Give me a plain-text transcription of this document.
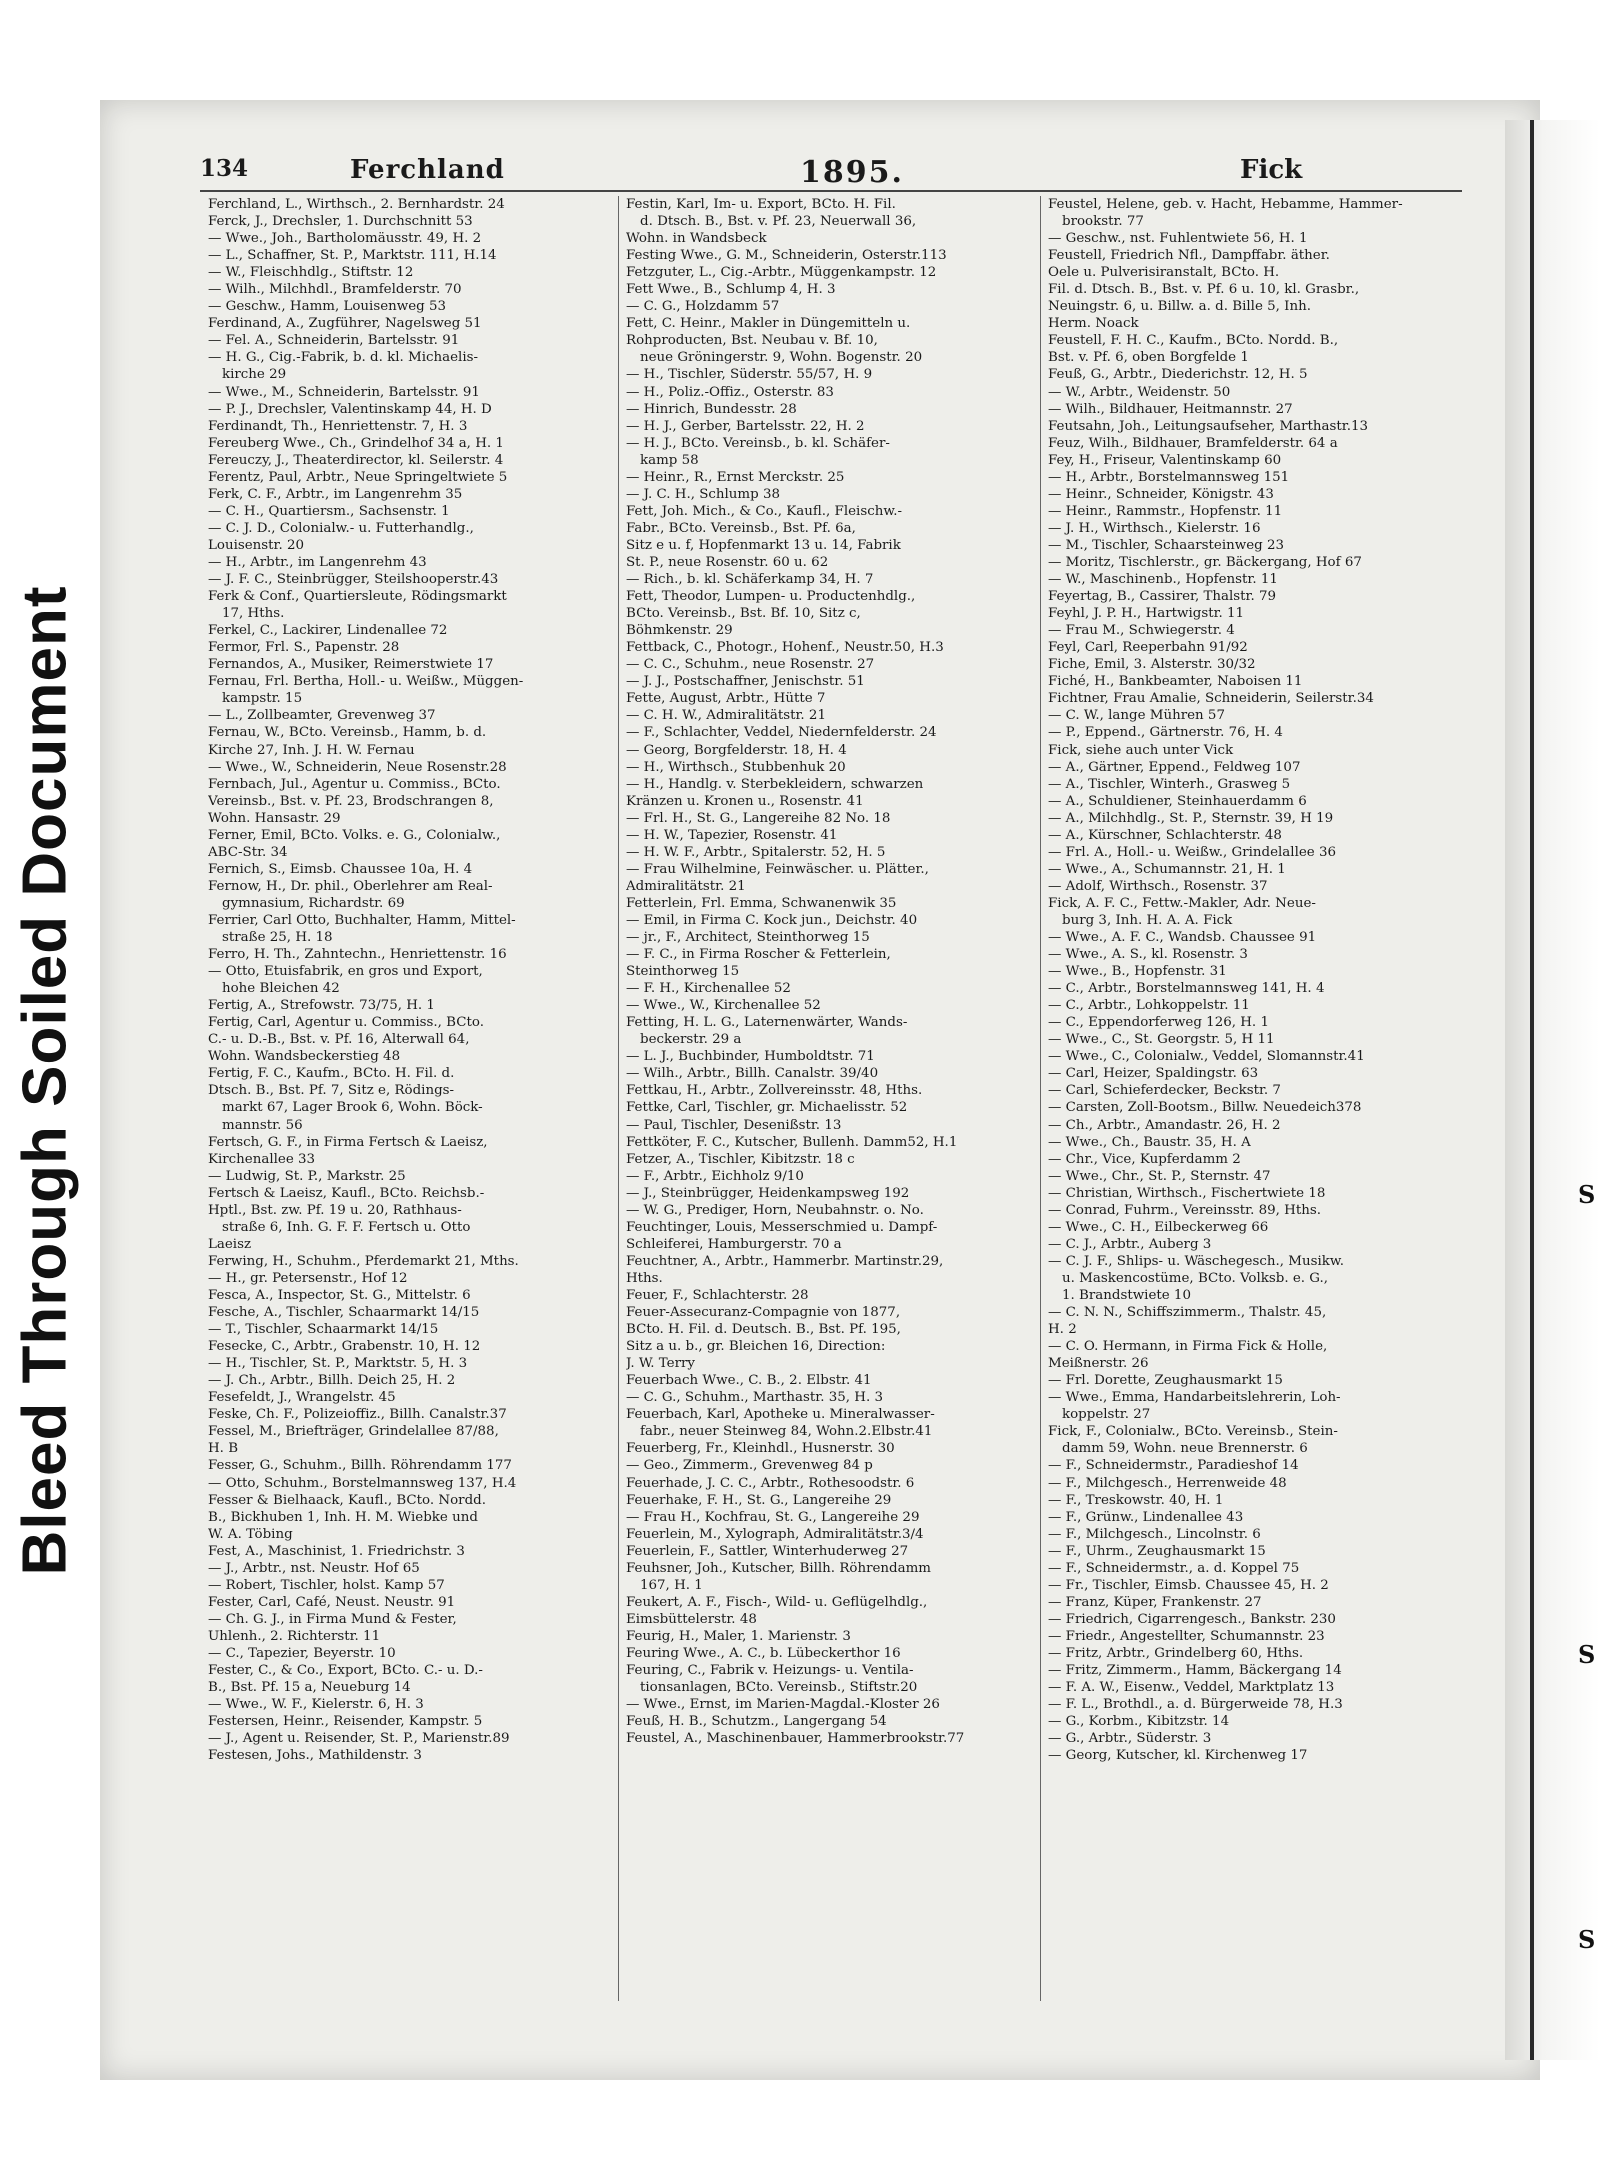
Bleed Through Soiled Document	S
S
S
134	Ferchland	1895.	Fick
Ferchland, L., Wirthsch., 2. Bernhardstr. 24
Ferck, J., Drechsler, 1. Durchschnitt 53
— Wwe., Joh., Bartholomäusstr. 49, H. 2
— L., Schaffner, St. P., Marktstr. 111, H.14
— W., Fleischhdlg., Stiftstr. 12
— Wilh., Milchhdl., Bramfelderstr. 70
— Geschw., Hamm, Louisenweg 53
Ferdinand, A., Zugführer, Nagelsweg 51
— Fel. A., Schneiderin, Bartelsstr. 91
— H. G., Cig.-Fabrik, b. d. kl. Michaelis-
kirche 29
— Wwe., M., Schneiderin, Bartelsstr. 91
— P. J., Drechsler, Valentinskamp 44, H. D
Ferdinandt, Th., Henriettenstr. 7, H. 3
Fereuberg Wwe., Ch., Grindelhof 34 a, H. 1
Fereuczy, J., Theaterdirector, kl. Seilerstr. 4
Ferentz, Paul, Arbtr., Neue Springeltwiete 5
Ferk, C. F., Arbtr., im Langenrehm 35
— C. H., Quartiersm., Sachsenstr. 1
— C. J. D., Colonialw.- u. Futterhandlg.,
Louisenstr. 20
— H., Arbtr., im Langenrehm 43
— J. F. C., Steinbrügger, Steilshooperstr.43
Ferk & Conf., Quartiersleute, Rödingsmarkt
17, Hths.
Ferkel, C., Lackirer, Lindenallee 72
Fermor, Frl. S., Papenstr. 28
Fernandos, A., Musiker, Reimerstwiete 17
Fernau, Frl. Bertha, Holl.- u. Weißw., Müggen-
kampstr. 15
— L., Zollbeamter, Grevenweg 37
Fernau, W., BCto. Vereinsb., Hamm, b. d.
Kirche 27, Inh. J. H. W. Fernau
— Wwe., W., Schneiderin, Neue Rosenstr.28
Fernbach, Jul., Agentur u. Commiss., BCto.
Vereinsb., Bst. v. Pf. 23, Brodschrangen 8,
Wohn. Hansastr. 29
Ferner, Emil, BCto. Volks. e. G., Colonialw.,
ABC-Str. 34
Fernich, S., Eimsb. Chaussee 10a, H. 4
Fernow, H., Dr. phil., Oberlehrer am Real-
gymnasium, Richardstr. 69
Ferrier, Carl Otto, Buchhalter, Hamm, Mittel-
straße 25, H. 18
Ferro, H. Th., Zahntechn., Henriettenstr. 16
— Otto, Etuisfabrik, en gros und Export,
hohe Bleichen 42
Fertig, A., Strefowstr. 73/75, H. 1
Fertig, Carl, Agentur u. Commiss., BCto.
C.- u. D.-B., Bst. v. Pf. 16, Alterwall 64,
Wohn. Wandsbeckerstieg 48
Fertig, F. C., Kaufm., BCto. H. Fil. d.
Dtsch. B., Bst. Pf. 7, Sitz e, Rödings-
markt 67, Lager Brook 6, Wohn. Böck-
mannstr. 56
Fertsch, G. F., in Firma Fertsch & Laeisz,
Kirchenallee 33
— Ludwig, St. P., Markstr. 25
Fertsch & Laeisz, Kaufl., BCto. Reichsb.-
Hptl., Bst. zw. Pf. 19 u. 20, Rathhaus-
straße 6, Inh. G. F. F. Fertsch u. Otto
Laeisz
Ferwing, H., Schuhm., Pferdemarkt 21, Mths.
— H., gr. Petersenstr., Hof 12
Fesca, A., Inspector, St. G., Mittelstr. 6
Fesche, A., Tischler, Schaarmarkt 14/15
— T., Tischler, Schaarmarkt 14/15
Fesecke, C., Arbtr., Grabenstr. 10, H. 12
— H., Tischler, St. P., Marktstr. 5, H. 3
— J. Ch., Arbtr., Billh. Deich 25, H. 2
Fesefeldt, J., Wrangelstr. 45
Feske, Ch. F., Polizeioffiz., Billh. Canalstr.37
Fessel, M., Briefträger, Grindelallee 87/88,
H. B
Fesser, G., Schuhm., Billh. Röhrendamm 177
— Otto, Schuhm., Borstelmannsweg 137, H.4
Fesser & Bielhaack, Kaufl., BCto. Nordd.
B., Bickhuben 1, Inh. H. M. Wiebke und
W. A. Töbing
Fest, A., Maschinist, 1. Friedrichstr. 3
— J., Arbtr., nst. Neustr. Hof 65
— Robert, Tischler, holst. Kamp 57
Fester, Carl, Café, Neust. Neustr. 91
— Ch. G. J., in Firma Mund & Fester,
Uhlenh., 2. Richterstr. 11
— C., Tapezier, Beyerstr. 10
Fester, C., & Co., Export, BCto. C.- u. D.-
B., Bst. Pf. 15 a, Neueburg 14
— Wwe., W. F., Kielerstr. 6, H. 3
Festersen, Heinr., Reisender, Kampstr. 5
— J., Agent u. Reisender, St. P., Marienstr.89
Festesen, Johs., Mathildenstr. 3
Festin, Karl, Im- u. Export, BCto. H. Fil.
d. Dtsch. B., Bst. v. Pf. 23, Neuerwall 36,
Wohn. in Wandsbeck
Festing Wwe., G. M., Schneiderin, Osterstr.113
Fetzguter, L., Cig.-Arbtr., Müggenkampstr. 12
Fett Wwe., B., Schlump 4, H. 3
— C. G., Holzdamm 57
Fett, C. Heinr., Makler in Düngemitteln u.
Rohproducten, Bst. Neubau v. Bf. 10,
neue Gröningerstr. 9, Wohn. Bogenstr. 20
— H., Tischler, Süderstr. 55/57, H. 9
— H., Poliz.-Offiz., Osterstr. 83
— Hinrich, Bundesstr. 28
— H. J., Gerber, Bartelsstr. 22, H. 2
— H. J., BCto. Vereinsb., b. kl. Schäfer-
kamp 58
— Heinr., R., Ernst Merckstr. 25
— J. C. H., Schlump 38
Fett, Joh. Mich., & Co., Kaufl., Fleischw.-
Fabr., BCto. Vereinsb., Bst. Pf. 6a,
Sitz e u. f, Hopfenmarkt 13 u. 14, Fabrik
St. P., neue Rosenstr. 60 u. 62
— Rich., b. kl. Schäferkamp 34, H. 7
Fett, Theodor, Lumpen- u. Productenhdlg.,
BCto. Vereinsb., Bst. Bf. 10, Sitz c,
Böhmkenstr. 29
Fettback, C., Photogr., Hohenf., Neustr.50, H.3
— C. C., Schuhm., neue Rosenstr. 27
— J. J., Postschaffner, Jenischstr. 51
Fette, August, Arbtr., Hütte 7
— C. H. W., Admiralitätstr. 21
— F., Schlachter, Veddel, Niedernfelderstr. 24
— Georg, Borgfelderstr. 18, H. 4
— H., Wirthsch., Stubbenhuk 20
— H., Handlg. v. Sterbekleidern, schwarzen
Kränzen u. Kronen u., Rosenstr. 41
— Frl. H., St. G., Langereihe 82 No. 18
— H. W., Tapezier, Rosenstr. 41
— H. W. F., Arbtr., Spitalerstr. 52, H. 5
— Frau Wilhelmine, Feinwäscher. u. Plätter.,
Admiralitätstr. 21
Fetterlein, Frl. Emma, Schwanenwik 35
— Emil, in Firma C. Kock jun., Deichstr. 40
— jr., F., Architect, Steinthorweg 15
— F. C., in Firma Roscher & Fetterlein,
Steinthorweg 15
— F. H., Kirchenallee 52
— Wwe., W., Kirchenallee 52
Fetting, H. L. G., Laternenwärter, Wands-
beckerstr. 29 a
— L. J., Buchbinder, Humboldtstr. 71
— Wilh., Arbtr., Billh. Canalstr. 39/40
Fettkau, H., Arbtr., Zollvereinsstr. 48, Hths.
Fettke, Carl, Tischler, gr. Michaelisstr. 52
— Paul, Tischler, Desenißstr. 13
Fettköter, F. C., Kutscher, Bullenh. Damm52, H.1
Fetzer, A., Tischler, Kibitzstr. 18 c
— F., Arbtr., Eichholz 9/10
— J., Steinbrügger, Heidenkampsweg 192
— W. G., Prediger, Horn, Neubahnstr. o. No.
Feuchtinger, Louis, Messerschmied u. Dampf-
Schleiferei, Hamburgerstr. 70 a
Feuchtner, A., Arbtr., Hammerbr. Martinstr.29,
Hths.
Feuer, F., Schlachterstr. 28
Feuer-Assecuranz-Compagnie von 1877,
BCto. H. Fil. d. Deutsch. B., Bst. Pf. 195,
Sitz a u. b., gr. Bleichen 16, Direction:
J. W. Terry
Feuerbach Wwe., C. B., 2. Elbstr. 41
— C. G., Schuhm., Marthastr. 35, H. 3
Feuerbach, Karl, Apotheke u. Mineralwasser-
fabr., neuer Steinweg 84, Wohn.2.Elbstr.41
Feuerberg, Fr., Kleinhdl., Husnerstr. 30
— Geo., Zimmerm., Grevenweg 84 p
Feuerhade, J. C. C., Arbtr., Rothesoodstr. 6
Feuerhake, F. H., St. G., Langereihe 29
— Frau H., Kochfrau, St. G., Langereihe 29
Feuerlein, M., Xylograph, Admiralitätstr.3/4
Feuerlein, F., Sattler, Winterhuderweg 27
Feuhsner, Joh., Kutscher, Billh. Röhrendamm
167, H. 1
Feukert, A. F., Fisch-, Wild- u. Geflügelhdlg.,
Eimsbüttelerstr. 48
Feurig, H., Maler, 1. Marienstr. 3
Feuring Wwe., A. C., b. Lübeckerthor 16
Feuring, C., Fabrik v. Heizungs- u. Ventila-
tionsanlagen, BCto. Vereinsb., Stiftstr.20
— Wwe., Ernst, im Marien-Magdal.-Kloster 26
Feuß, H. B., Schutzm., Langergang 54
Feustel, A., Maschinenbauer, Hammerbrookstr.77
Feustel, Helene, geb. v. Hacht, Hebamme, Hammer-
brookstr. 77
— Geschw., nst. Fuhlentwiete 56, H. 1
Feustell, Friedrich Nfl., Dampffabr. äther.
Oele u. Pulverisiranstalt, BCto. H.
Fil. d. Dtsch. B., Bst. v. Pf. 6 u. 10, kl. Grasbr.,
Neuingstr. 6, u. Billw. a. d. Bille 5, Inh.
Herm. Noack
Feustell, F. H. C., Kaufm., BCto. Nordd. B.,
Bst. v. Pf. 6, oben Borgfelde 1
Feuß, G., Arbtr., Diederichstr. 12, H. 5
— W., Arbtr., Weidenstr. 50
— Wilh., Bildhauer, Heitmannstr. 27
Feutsahn, Joh., Leitungsaufseher, Marthastr.13
Feuz, Wilh., Bildhauer, Bramfelderstr. 64 a
Fey, H., Friseur, Valentinskamp 60
— H., Arbtr., Borstelmannsweg 151
— Heinr., Schneider, Königstr. 43
— Heinr., Rammstr., Hopfenstr. 11
— J. H., Wirthsch., Kielerstr. 16
— M., Tischler, Schaarsteinweg 23
— Moritz, Tischlerstr., gr. Bäckergang, Hof 67
— W., Maschinenb., Hopfenstr. 11
Feyertag, B., Cassirer, Thalstr. 79
Feyhl, J. P. H., Hartwigstr. 11
— Frau M., Schwiegerstr. 4
Feyl, Carl, Reeperbahn 91/92
Fiche, Emil, 3. Alsterstr. 30/32
Fiché, H., Bankbeamter, Naboisen 11
Fichtner, Frau Amalie, Schneiderin, Seilerstr.34
— C. W., lange Mühren 57
— P., Eppend., Gärtnerstr. 76, H. 4
Fick, siehe auch unter Vick
— A., Gärtner, Eppend., Feldweg 107
— A., Tischler, Winterh., Grasweg 5
— A., Schuldiener, Steinhauerdamm 6
— A., Milchhdlg., St. P., Sternstr. 39, H 19
— A., Kürschner, Schlachterstr. 48
— Frl. A., Holl.- u. Weißw., Grindelallee 36
— Wwe., A., Schumannstr. 21, H. 1
— Adolf, Wirthsch., Rosenstr. 37
Fick, A. F. C., Fettw.-Makler, Adr. Neue-
burg 3, Inh. H. A. A. Fick
— Wwe., A. F. C., Wandsb. Chaussee 91
— Wwe., A. S., kl. Rosenstr. 3
— Wwe., B., Hopfenstr. 31
— C., Arbtr., Borstelmannsweg 141, H. 4
— C., Arbtr., Lohkoppelstr. 11
— C., Eppendorferweg 126, H. 1
— Wwe., C., St. Georgstr. 5, H 11
— Wwe., C., Colonialw., Veddel, Slomannstr.41
— Carl, Heizer, Spaldingstr. 63
— Carl, Schieferdecker, Beckstr. 7
— Carsten, Zoll-Bootsm., Billw. Neuedeich378
— Ch., Arbtr., Amandastr. 26, H. 2
— Wwe., Ch., Baustr. 35, H. A
— Chr., Vice, Kupferdamm 2
— Wwe., Chr., St. P., Sternstr. 47
— Christian, Wirthsch., Fischertwiete 18
— Conrad, Fuhrm., Vereinsstr. 89, Hths.
— Wwe., C. H., Eilbeckerweg 66
— C. J., Arbtr., Auberg 3
— C. J. F., Shlips- u. Wäschegesch., Musikw.
u. Maskencostüme, BCto. Volksb. e. G.,
1. Brandstwiete 10
— C. N. N., Schiffszimmerm., Thalstr. 45,
H. 2
— C. O. Hermann, in Firma Fick & Holle,
Meißnerstr. 26
— Frl. Dorette, Zeughausmarkt 15
— Wwe., Emma, Handarbeitslehrerin, Loh-
koppelstr. 27
Fick, F., Colonialw., BCto. Vereinsb., Stein-
damm 59, Wohn. neue Brennerstr. 6
— F., Schneidermstr., Paradieshof 14
— F., Milchgesch., Herrenweide 48
— F., Treskowstr. 40, H. 1
— F., Grünw., Lindenallee 43
— F., Milchgesch., Lincolnstr. 6
— F., Uhrm., Zeughausmarkt 15
— F., Schneidermstr., a. d. Koppel 75
— Fr., Tischler, Eimsb. Chaussee 45, H. 2
— Franz, Küper, Frankenstr. 27
— Friedrich, Cigarrengesch., Bankstr. 230
— Friedr., Angestellter, Schumannstr. 23
— Fritz, Arbtr., Grindelberg 60, Hths.
— Fritz, Zimmerm., Hamm, Bäckergang 14
— F. A. W., Eisenw., Veddel, Marktplatz 13
— F. L., Brothdl., a. d. Bürgerweide 78, H.3
— G., Korbm., Kibitzstr. 14
— G., Arbtr., Süderstr. 3
— Georg, Kutscher, kl. Kirchenweg 17
